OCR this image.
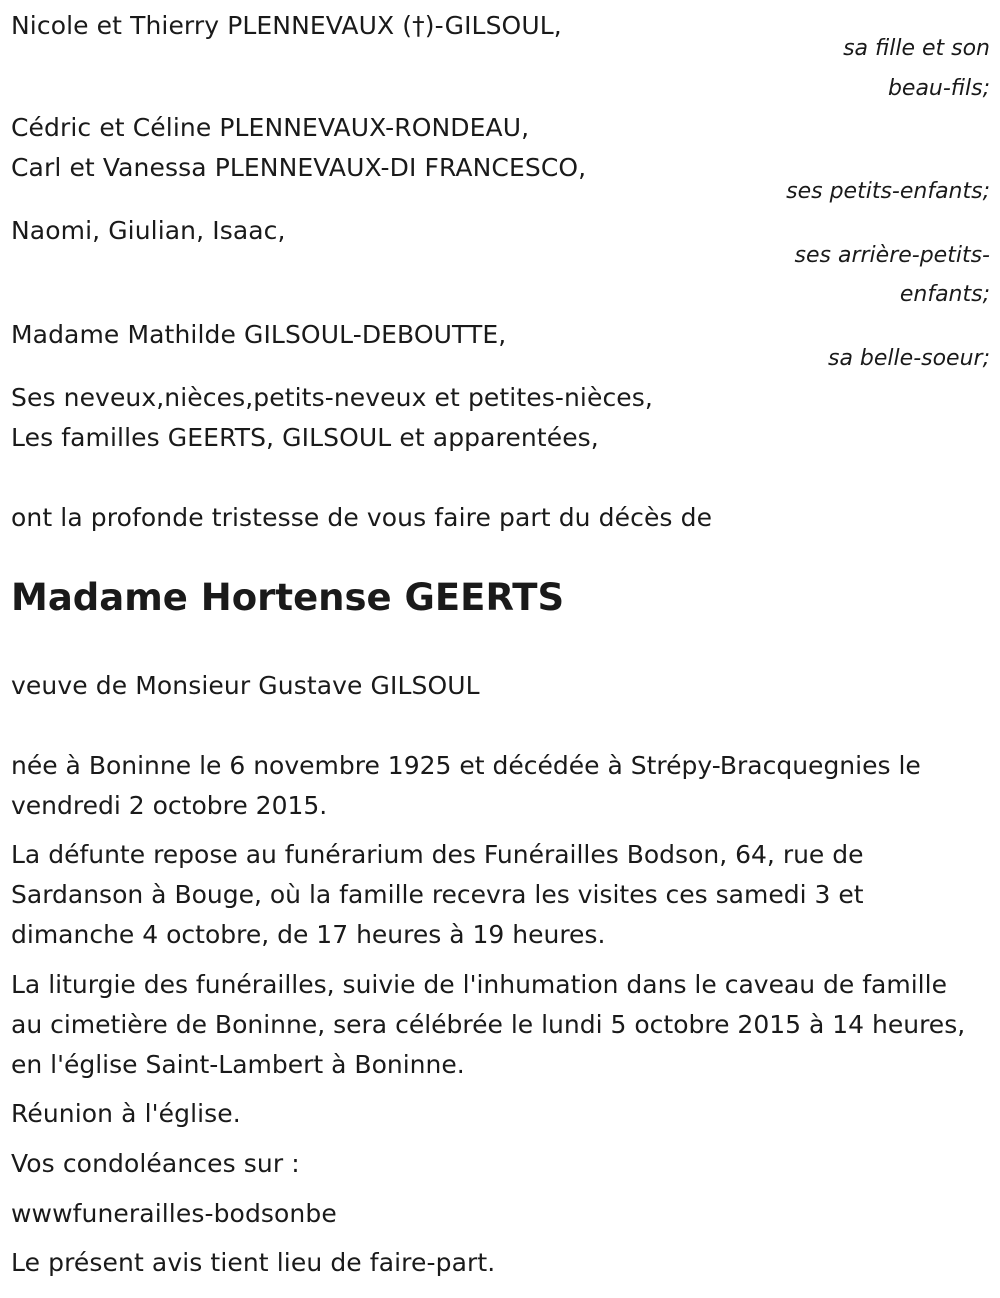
Nicole et Thierry PLENNEVAUX (†)-GILSOUL,
sa fille et son
beau-fils;
Cédric et Céline PLENNEVAUX-RONDEAU,
Carl et Vanessa PLENNEVAUX-DI FRANCESCO,
ses petits-enfants;
Naomi, Giulian, Isaac,
ses arrière-petits-
enfants;
Madame Mathilde GILSOUL-DEBOUTTE,
sa belle-soeur;
Ses neveux,nièces,petits-neveux et petites-nièces,
Les familles GEERTS, GILSOUL et apparentées,
ont la profonde tristesse de vous faire part du décès de
Madame Hortense GEERTS
veuve de Monsieur Gustave GILSOUL
née à Boninne le 6 novembre 1925 et décédée à Strépy-Bracquegnies le vendredi 2 octobre 2015.
La défunte repose au funérarium des Funérailles Bodson, 64, rue de Sardanson à Bouge, où la famille recevra les visites ces samedi 3 et dimanche 4 octobre, de 17 heures à 19 heures.
La liturgie des funérailles, suivie de l'inhumation dans le caveau de famille au cimetière de Boninne, sera célébrée le lundi 5 octobre 2015 à 14 heures, en l'église Saint-Lambert à Boninne.
Réunion à l'église.
Vos condoléances sur :
wwwfunerailles-bodsonbe
Le présent avis tient lieu de faire-part.
